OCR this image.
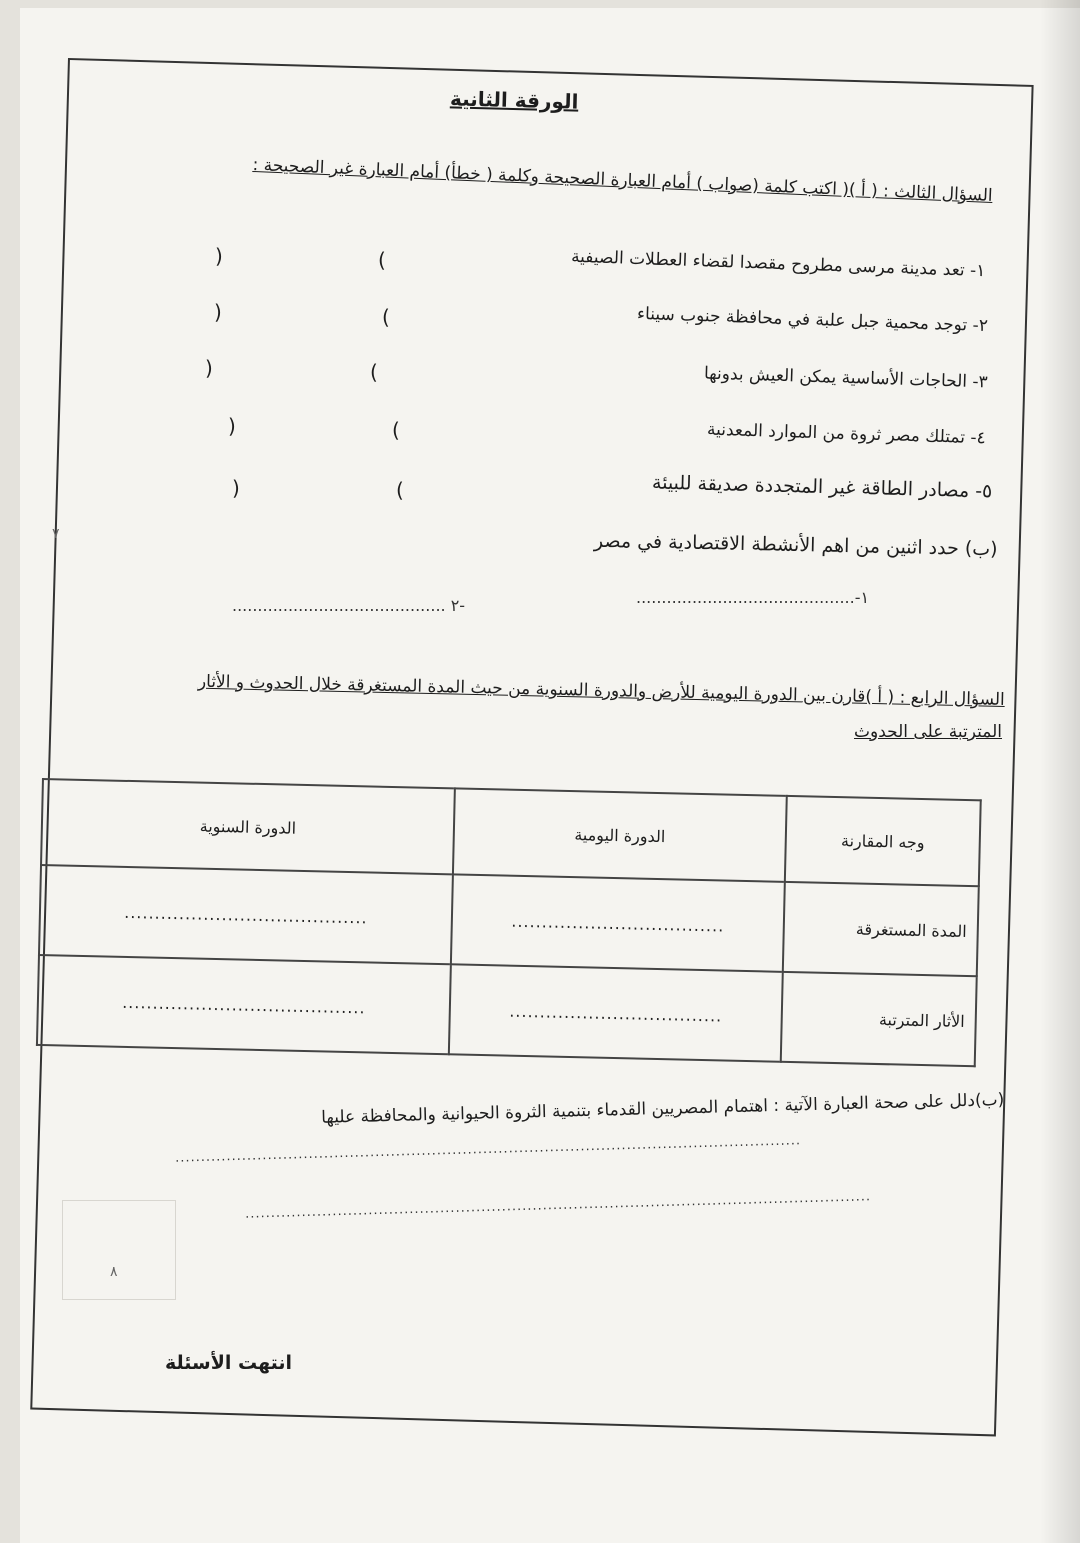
الورقة الثانية
السؤال الثالث : ( أ )( اكتب كلمة (صواب ) أمام العبارة الصحيحة وكلمة ( خطأ) أمام العبارة غير الصحيحة :
١- تعد مدينة مرسى مطروح مقصدا لقضاء العطلات الصيفية
)
(
٢- توجد محمية جبل علبة في محافظة جنوب سيناء
)
(
٣- الحاجات الأساسية يمكن العيش بدونها
)
(
٤- تمتلك مصر ثروة من الموارد المعدنية
)
(
٥- مصادر الطاقة غير المتجددة صديقة للبيئة
)
(
(ب) حدد اثنين من اهم الأنشطة الاقتصادية في مصر
٧
...........................................-١
.......................................... ٢-
السؤال الرابع : ( أ )قارن بين الدورة اليومية للأرض والدورة السنوية من حيث المدة المستغرقة خلال الحدوث و الأثار
المترتبة على الحدوث
وجه المقارنة	الدورة اليومية	الدورة السنوية
المدة المستغرقة	...................................	........................................
الأثار المترتبة	...................................	........................................
(ب)دلل على صحة العبارة الآتية : اهتمام المصريين القدماء بتنمية الثروة الحيوانية والمحافظة عليها
..........................................................................................................................
..........................................................................................................................
٨
انتهت الأسئلة
